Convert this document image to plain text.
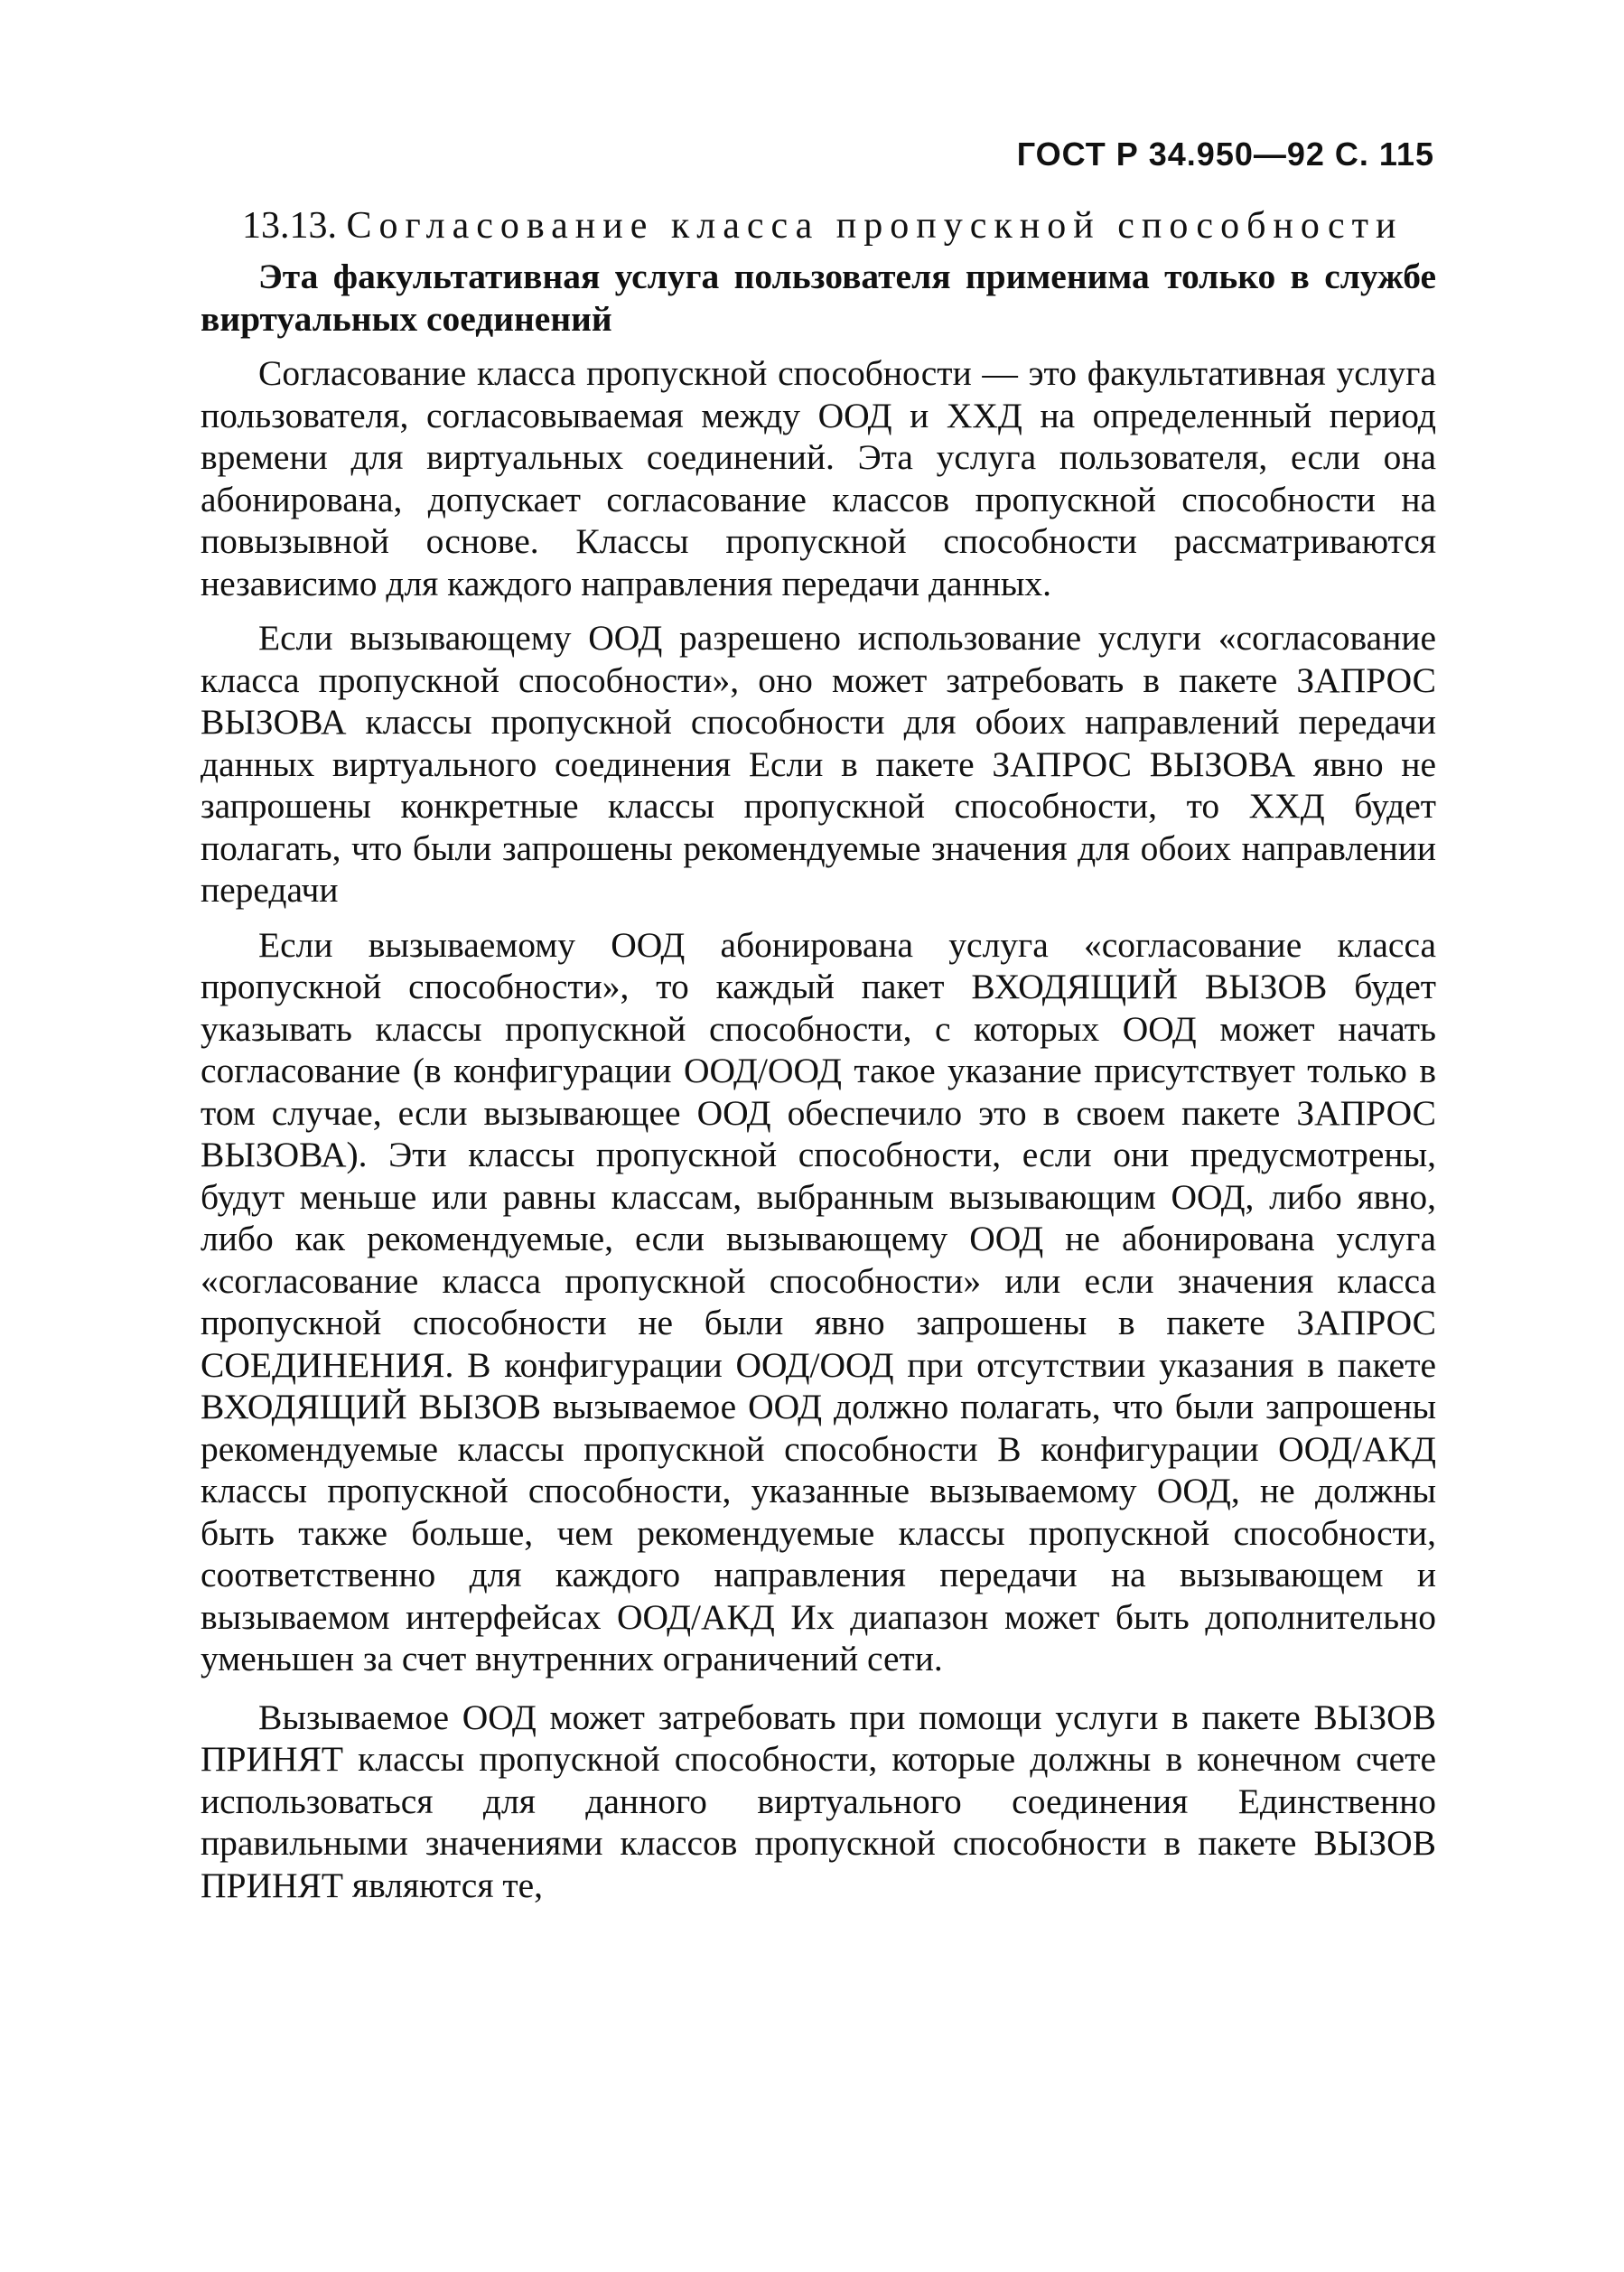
ГОСТ Р 34.950—92 С. 115
13.13. Согласование класса пропускной способности

Эта факультативная услуга пользователя применима только в службе виртуальных соединений

Согласование класса пропускной способности — это факультативная услуга пользователя, согласовываемая между ООД и ХХД на определенный период времени для виртуальных соединений. Эта услуга пользователя, если она абонирована, допускает согласование классов пропускной способности на повызывной основе. Классы пропускной способности рассматриваются независимо для каждого направления передачи данных.

Если вызывающему ООД разрешено использование услуги «согласование класса пропускной способности», оно может затребовать в пакете ЗАПРОС ВЫЗОВА классы пропускной способности для обоих направлений передачи данных виртуального соединения Если в пакете ЗАПРОС ВЫЗОВА явно не запрошены конкретные классы пропускной способности, то ХХД будет полагать, что были запрошены рекомендуемые значения для обоих направлении передачи

Если вызываемому ООД абонирована услуга «согласование класса пропускной способности», то каждый пакет ВХОДЯЩИЙ ВЫЗОВ будет указывать классы пропускной способности, с которых ООД может начать согласование (в конфигурации ООД/ООД такое указание присутствует только в том случае, если вызывающее ООД обеспечило это в своем пакете ЗАПРОС ВЫЗОВА). Эти классы пропускной способности, если они предусмотрены, будут меньше или равны классам, выбранным вызывающим ООД, либо явно, либо как рекомендуемые, если вызывающему ООД не абонирована услуга «согласование класса пропускной способности» или если значения класса пропускной способности не были явно запрошены в пакете ЗАПРОС СОЕДИНЕНИЯ. В конфигурации ООД/ООД при отсутствии указания в пакете ВХОДЯЩИЙ ВЫЗОВ вызываемое ООД должно полагать, что были запрошены рекомендуемые классы пропускной способности В конфигурации ООД/АКД классы пропускной способности, указанные вызываемому ООД, не должны быть также больше, чем рекомендуемые классы пропускной способности, соответственно для каждого направления передачи на вызывающем и вызываемом интерфейсах ООД/АКД Их диапазон может быть дополнительно уменьшен за счет внутренних ограничений сети.

Вызываемое ООД может затребовать при помощи услуги в пакете ВЫЗОВ ПРИНЯТ классы пропускной способности, которые должны в конечном счете использоваться для данного виртуального соединения Единственно правильными значениями классов пропускной способности в пакете ВЫЗОВ ПРИНЯТ являются те,
